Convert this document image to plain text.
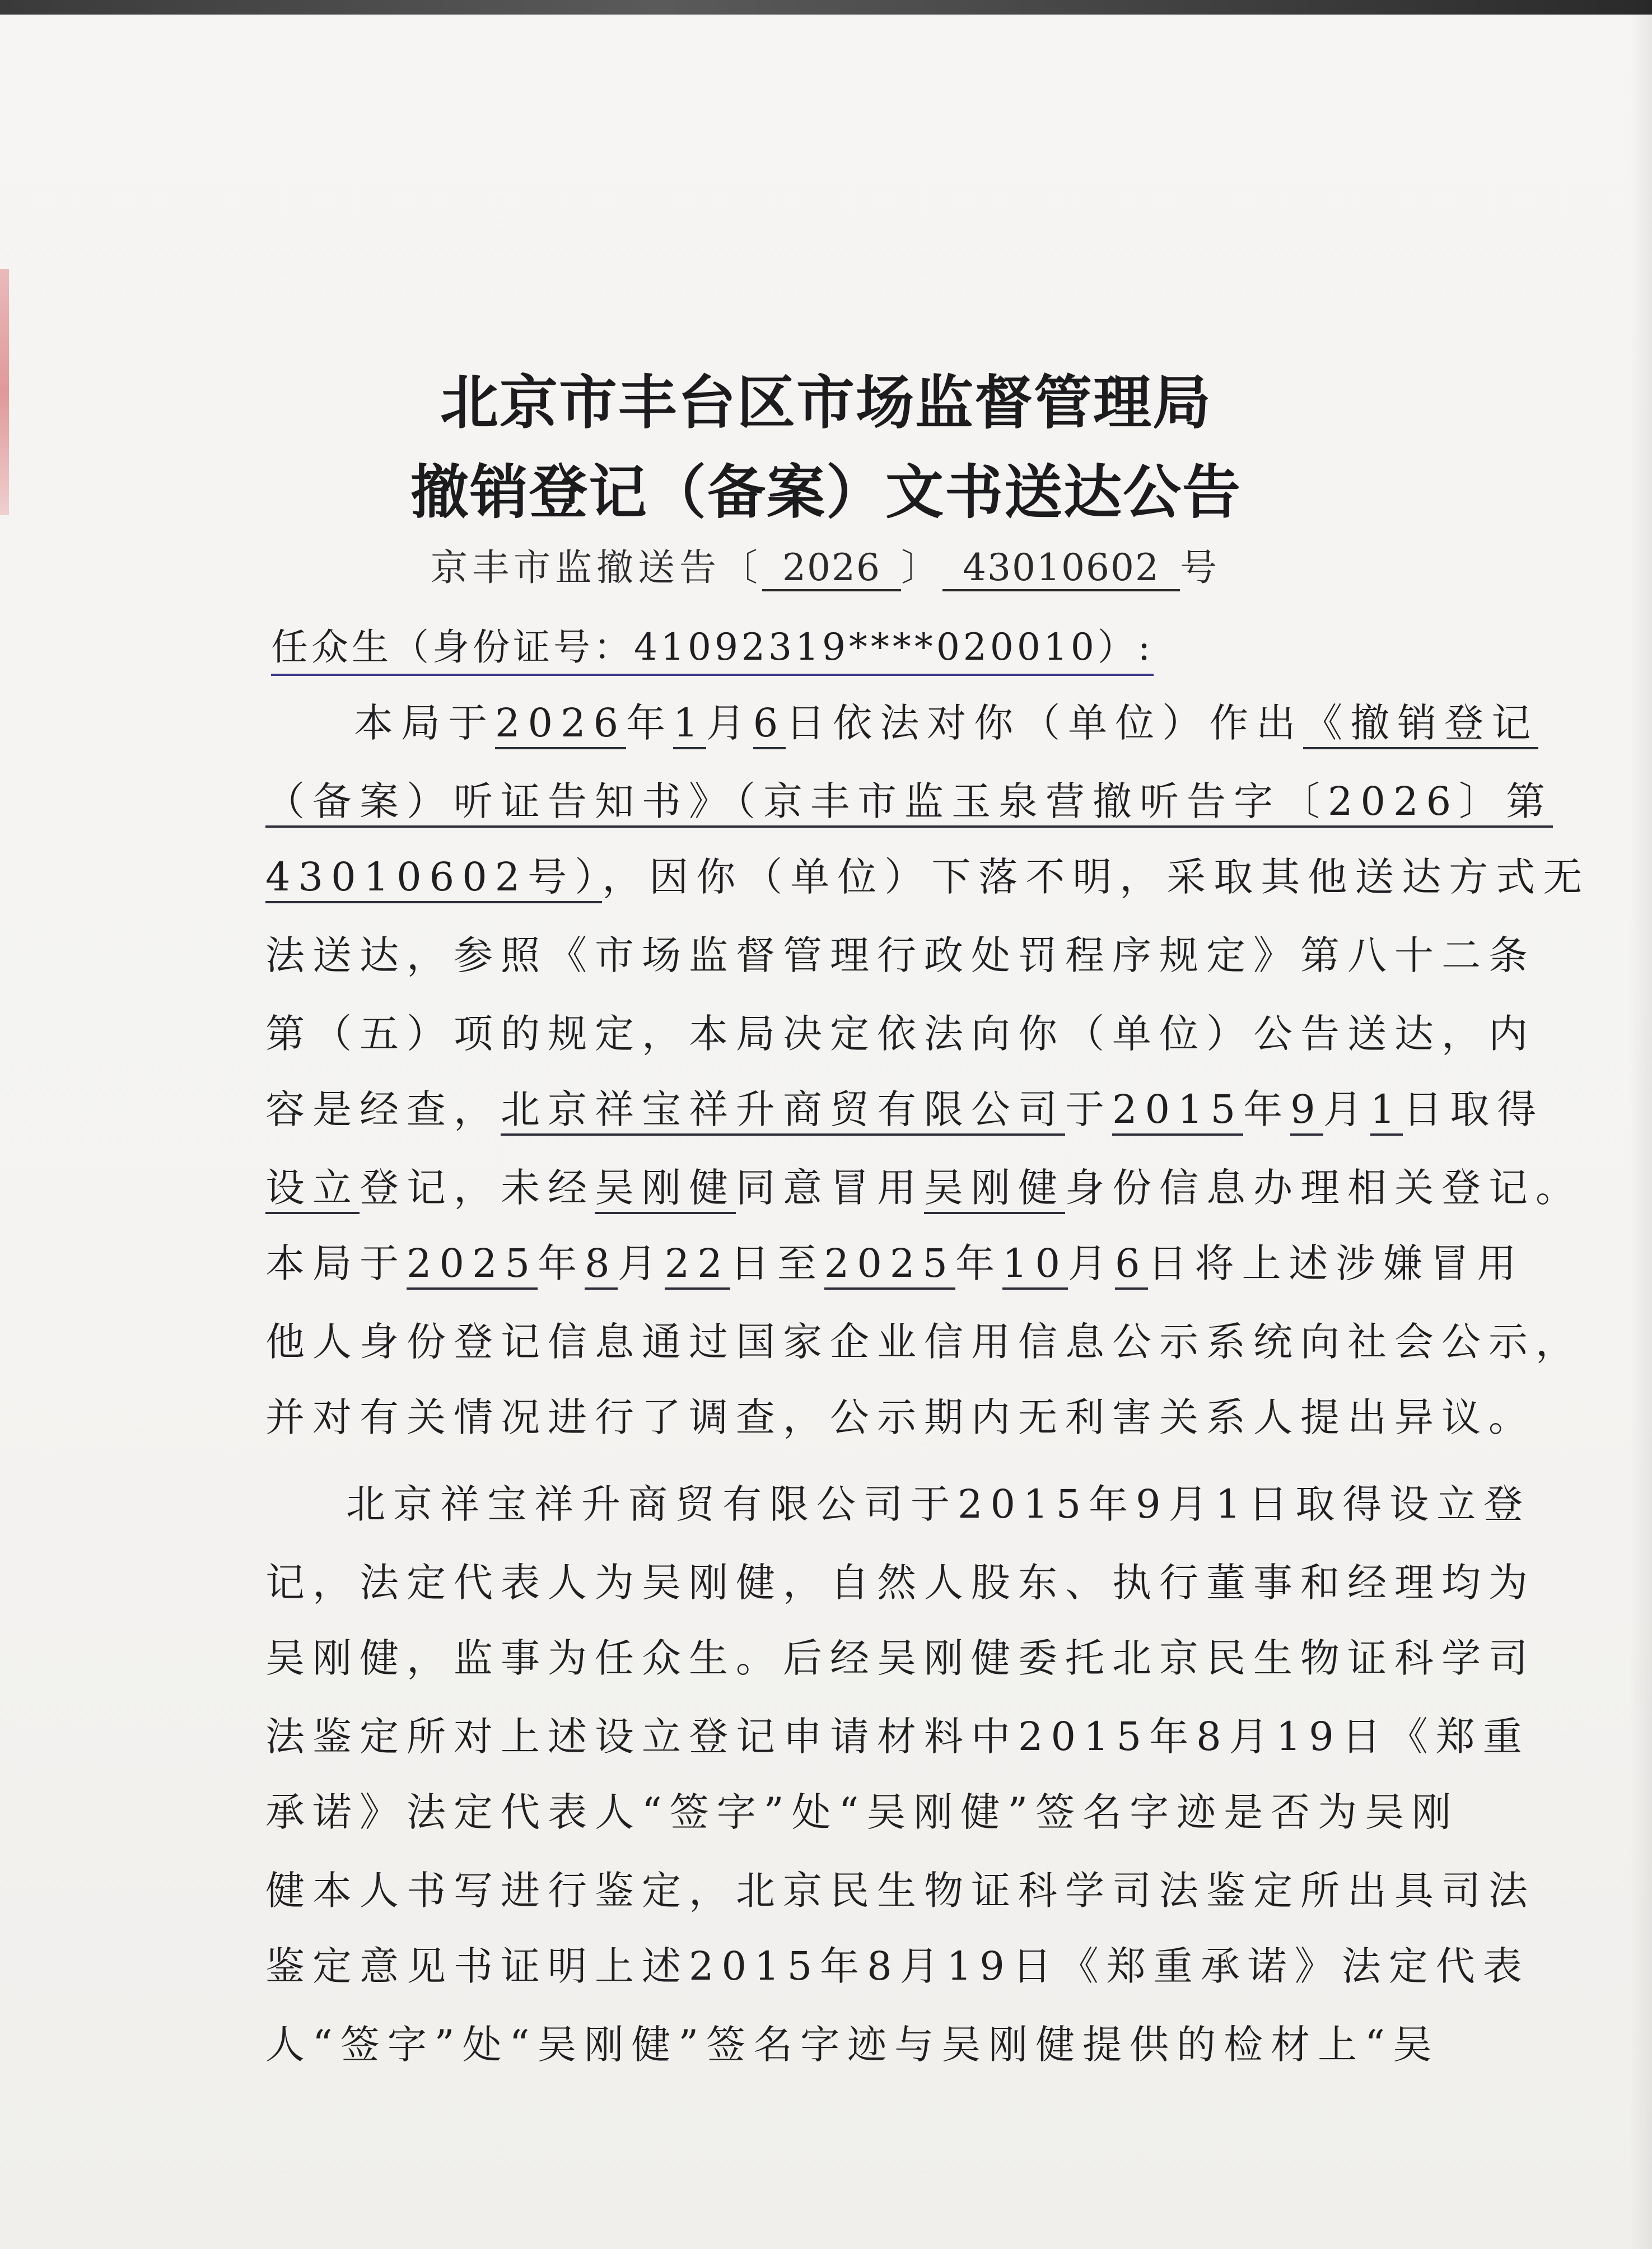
北京市丰台区市场监督管理局
撤销登记（备案）文书送达公告
京丰市监撤送告〔 2026 〕 43010602 号
任众生（身份证号：41092319****020010）:
本局于2026年1月6日依法对你（单位）作出《撤销登记
（备案）听证告知书》（京丰市监玉泉营撤听告字〔2026〕第
43010602号），因你（单位）下落不明，采取其他送达方式无
法送达，参照《市场监督管理行政处罚程序规定》第八十二条
第（五）项的规定，本局决定依法向你（单位）公告送达，内
容是经查，北京祥宝祥升商贸有限公司于2015年9月1日取得
设立登记，未经吴刚健同意冒用吴刚健身份信息办理相关登记。
本局于2025年8月22日至2025年10月6日将上述涉嫌冒用
他人身份登记信息通过国家企业信用信息公示系统向社会公示，
并对有关情况进行了调查，公示期内无利害关系人提出异议。
北京祥宝祥升商贸有限公司于2015年9月1日取得设立登
记，法定代表人为吴刚健，自然人股东、执行董事和经理均为
吴刚健，监事为任众生。后经吴刚健委托北京民生物证科学司
法鉴定所对上述设立登记申请材料中2015年8月19日《郑重
承诺》法定代表人“签字”处“吴刚健”签名字迹是否为吴刚
健本人书写进行鉴定，北京民生物证科学司法鉴定所出具司法
鉴定意见书证明上述2015年8月19日《郑重承诺》法定代表
人“签字”处“吴刚健”签名字迹与吴刚健提供的检材上“吴
